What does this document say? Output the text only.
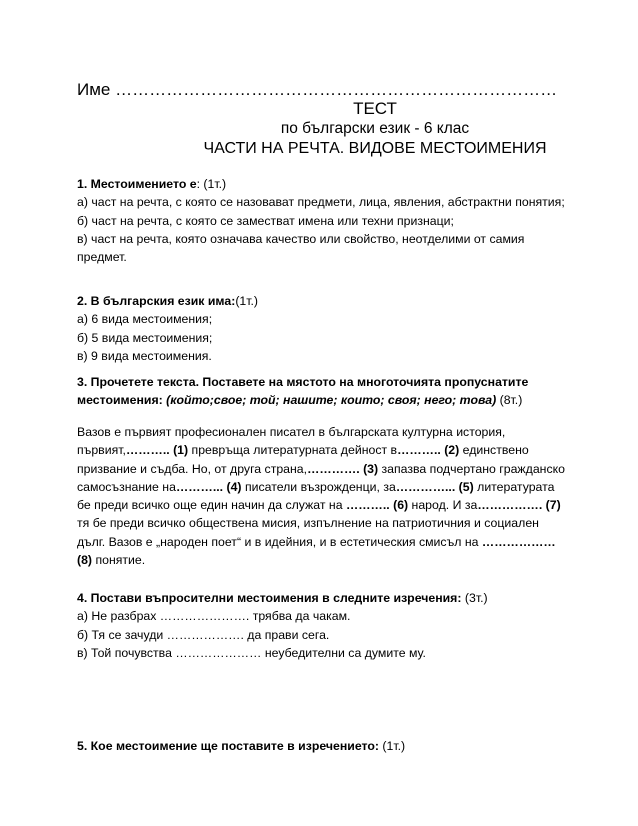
Име ……………………………………………………………………
ТЕСТ
по български език - 6 клас
ЧАСТИ НА РЕЧТА. ВИДОВЕ МЕСТОИМЕНИЯ

1. Местоимението е: (1т.)

а) част на речта, с която се назовават предмети, лица, явления, абстрактни понятия;

б) част на речта, с която се заместват имена или техни признаци;

в) част на речта, която означава качество или свойство, неотделими от самия предмет.

2. В българския език има:(1т.)

а) 6 вида местоимения;

б) 5 вида местоимения;

в) 9 вида местоимения.

3. Прочетете текста. Поставете на мястото на многоточията пропуснатите местоимения: (който;свое; той; нашите; които; своя; него; това) (8т.)

Вазов е първият професионален писател в българската културна история, първият,……….. (1) превръща литературната дейност в……….. (2) единствено призвание и съдба. Но, от друга страна,…………. (3) запазва подчертано гражданско самосъзнание на………... (4) писатели възрожденци, за…………... (5) литературата бе преди всичко още един начин да служат на ……….. (6) народ. И за……………. (7) тя бе преди всичко обществена мисия, изпълнение на патриотичния и социален дълг. Вазов е „народен поет“ и в идейния, и в естетическия смисъл на ……………… (8) понятие.

4. Постави въпросителни местоимения в следните изречения: (3т.)

а) Не разбрах …………………. трябва да чакам.

б) Тя се зачуди ………………. да прави сега.

в) Той почувства ………………… неубедителни са думите му.

5. Кое местоимение ще поставите в изречението: (1т.)
